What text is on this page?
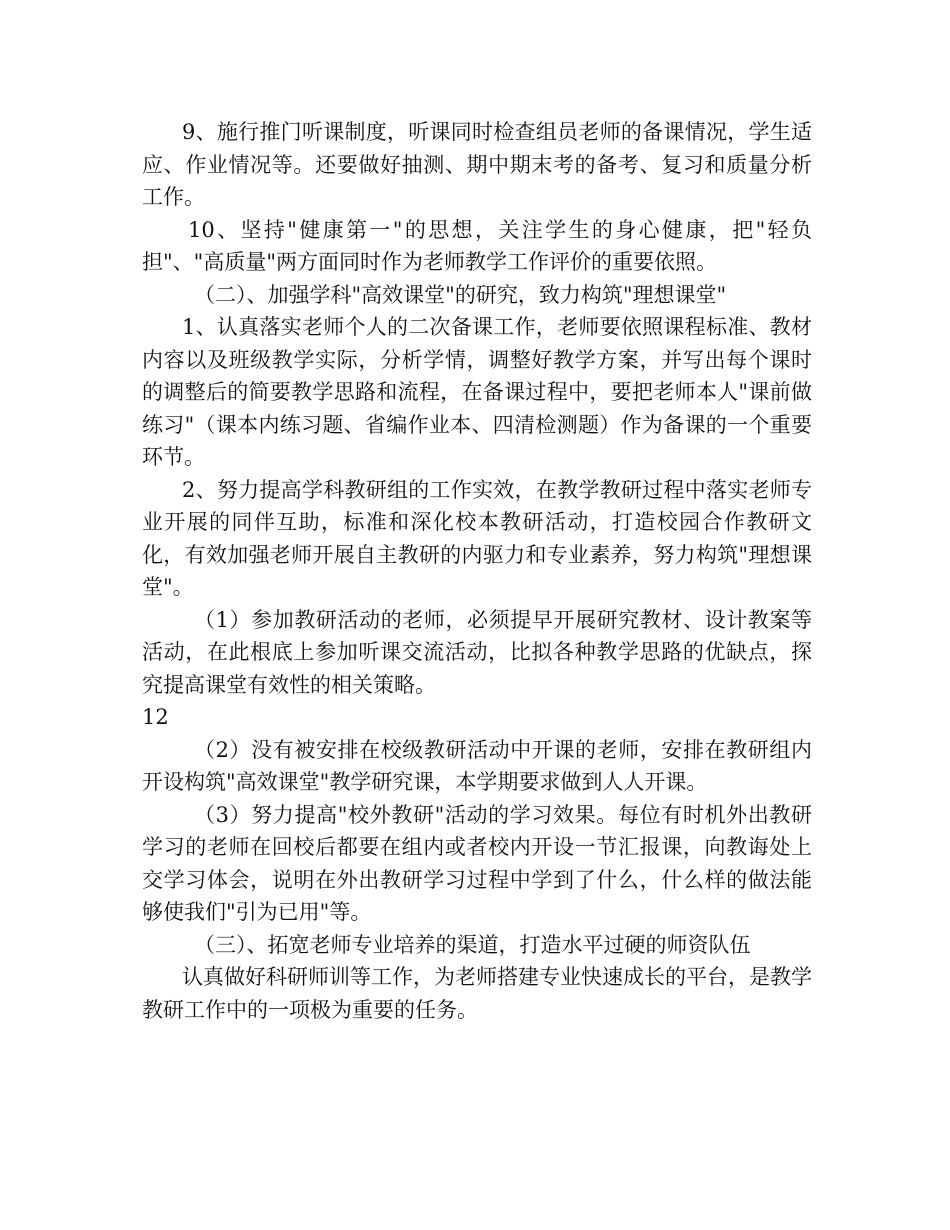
9、施行推门听课制度，听课同时检查组员老师的备课情况，学生适应、作业情况等。还要做好抽测、期中期末考的备考、复习和质量分析工作。

10、坚持"健康第一"的思想，关注学生的身心健康，把"轻负担"、"高质量"两方面同时作为老师教学工作评价的重要依照。

（二）、加强学科"高效课堂"的研究，致力构筑"理想课堂"

1、认真落实老师个人的二次备课工作，老师要依照课程标准、教材内容以及班级教学实际，分析学情，调整好教学方案，并写出每个课时的调整后的简要教学思路和流程，在备课过程中，要把老师本人"课前做练习"（课本内练习题、省编作业本、四清检测题）作为备课的一个重要环节。

2、努力提高学科教研组的工作实效，在教学教研过程中落实老师专业开展的同伴互助，标准和深化校本教研活动，打造校园合作教研文化，有效加强老师开展自主教研的内驱力和专业素养，努力构筑"理想课堂"。

（1）参加教研活动的老师，必须提早开展研究教材、设计教案等活动，在此根底上参加听课交流活动，比拟各种教学思路的优缺点，探究提高课堂有效性的相关策略。

12

（2）没有被安排在校级教研活动中开课的老师，安排在教研组内开设构筑"高效课堂"教学研究课，本学期要求做到人人开课。

（3）努力提高"校外教研"活动的学习效果。每位有时机外出教研学习的老师在回校后都要在组内或者校内开设一节汇报课，向教诲处上交学习体会，说明在外出教研学习过程中学到了什么，什么样的做法能够使我们"引为已用"等。

（三）、拓宽老师专业培养的渠道，打造水平过硬的师资队伍

认真做好科研师训等工作，为老师搭建专业快速成长的平台，是教学教研工作中的一项极为重要的任务。
